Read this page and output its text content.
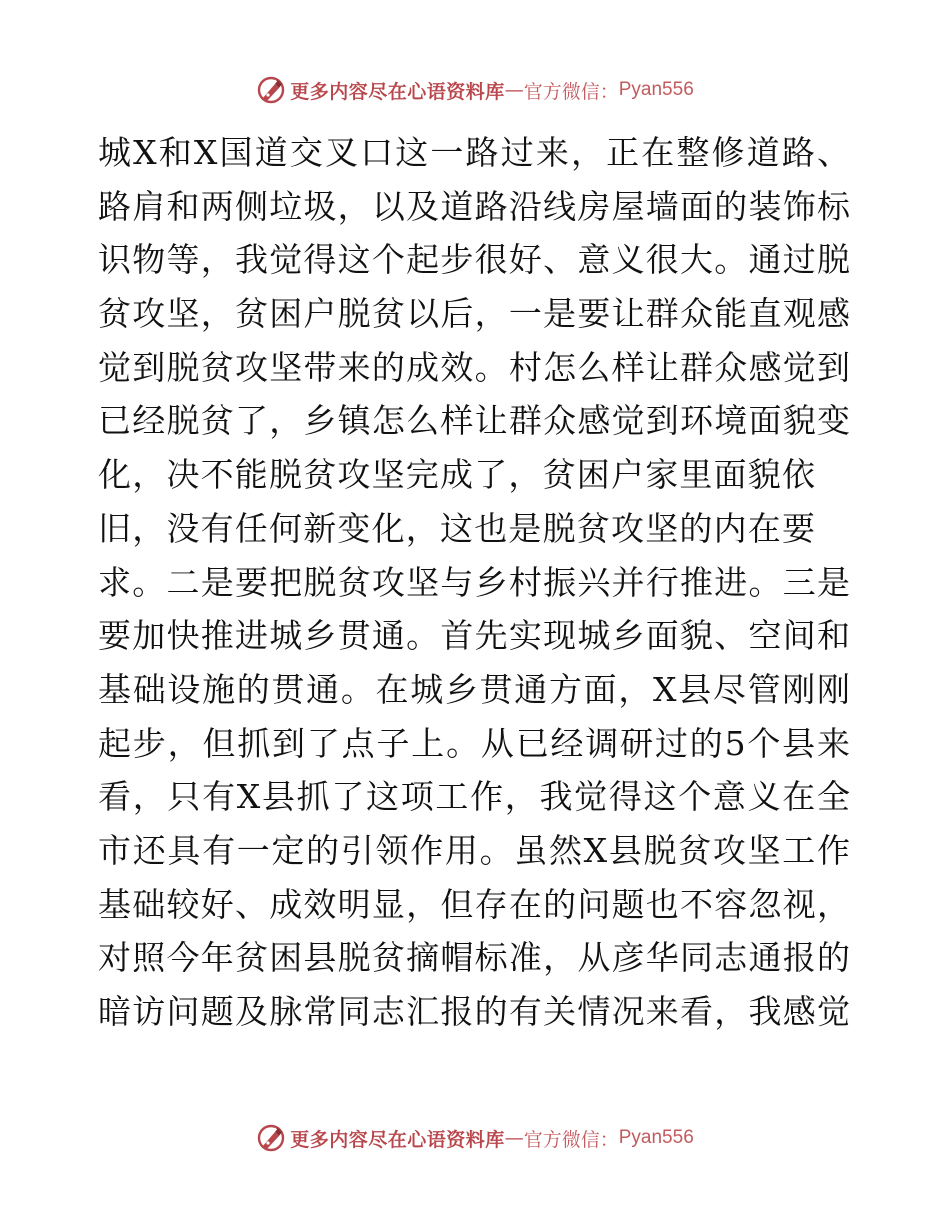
更多内容尽在心语资料库 — 官方微信： Pyan556
城X和X国道交叉口这一路过来，正在整修道路、
路肩和两侧垃圾，以及道路沿线房屋墙面的装饰标
识物等，我觉得这个起步很好、意义很大。通过脱
贫攻坚，贫困户脱贫以后，一是要让群众能直观感
觉到脱贫攻坚带来的成效。村怎么样让群众感觉到
已经脱贫了，乡镇怎么样让群众感觉到环境面貌变
化，决不能脱贫攻坚完成了，贫困户家里面貌依
旧，没有任何新变化，这也是脱贫攻坚的内在要
求。二是要把脱贫攻坚与乡村振兴并行推进。三是
要加快推进城乡贯通。首先实现城乡面貌、空间和
基础设施的贯通。在城乡贯通方面，X县尽管刚刚
起步，但抓到了点子上。从已经调研过的5个县来
看，只有X县抓了这项工作，我觉得这个意义在全
市还具有一定的引领作用。虽然X县脱贫攻坚工作
基础较好、成效明显，但存在的问题也不容忽视，
对照今年贫困县脱贫摘帽标准，从彦华同志通报的
暗访问题及脉常同志汇报的有关情况来看，我感觉
更多内容尽在心语资料库 — 官方微信： Pyan556
